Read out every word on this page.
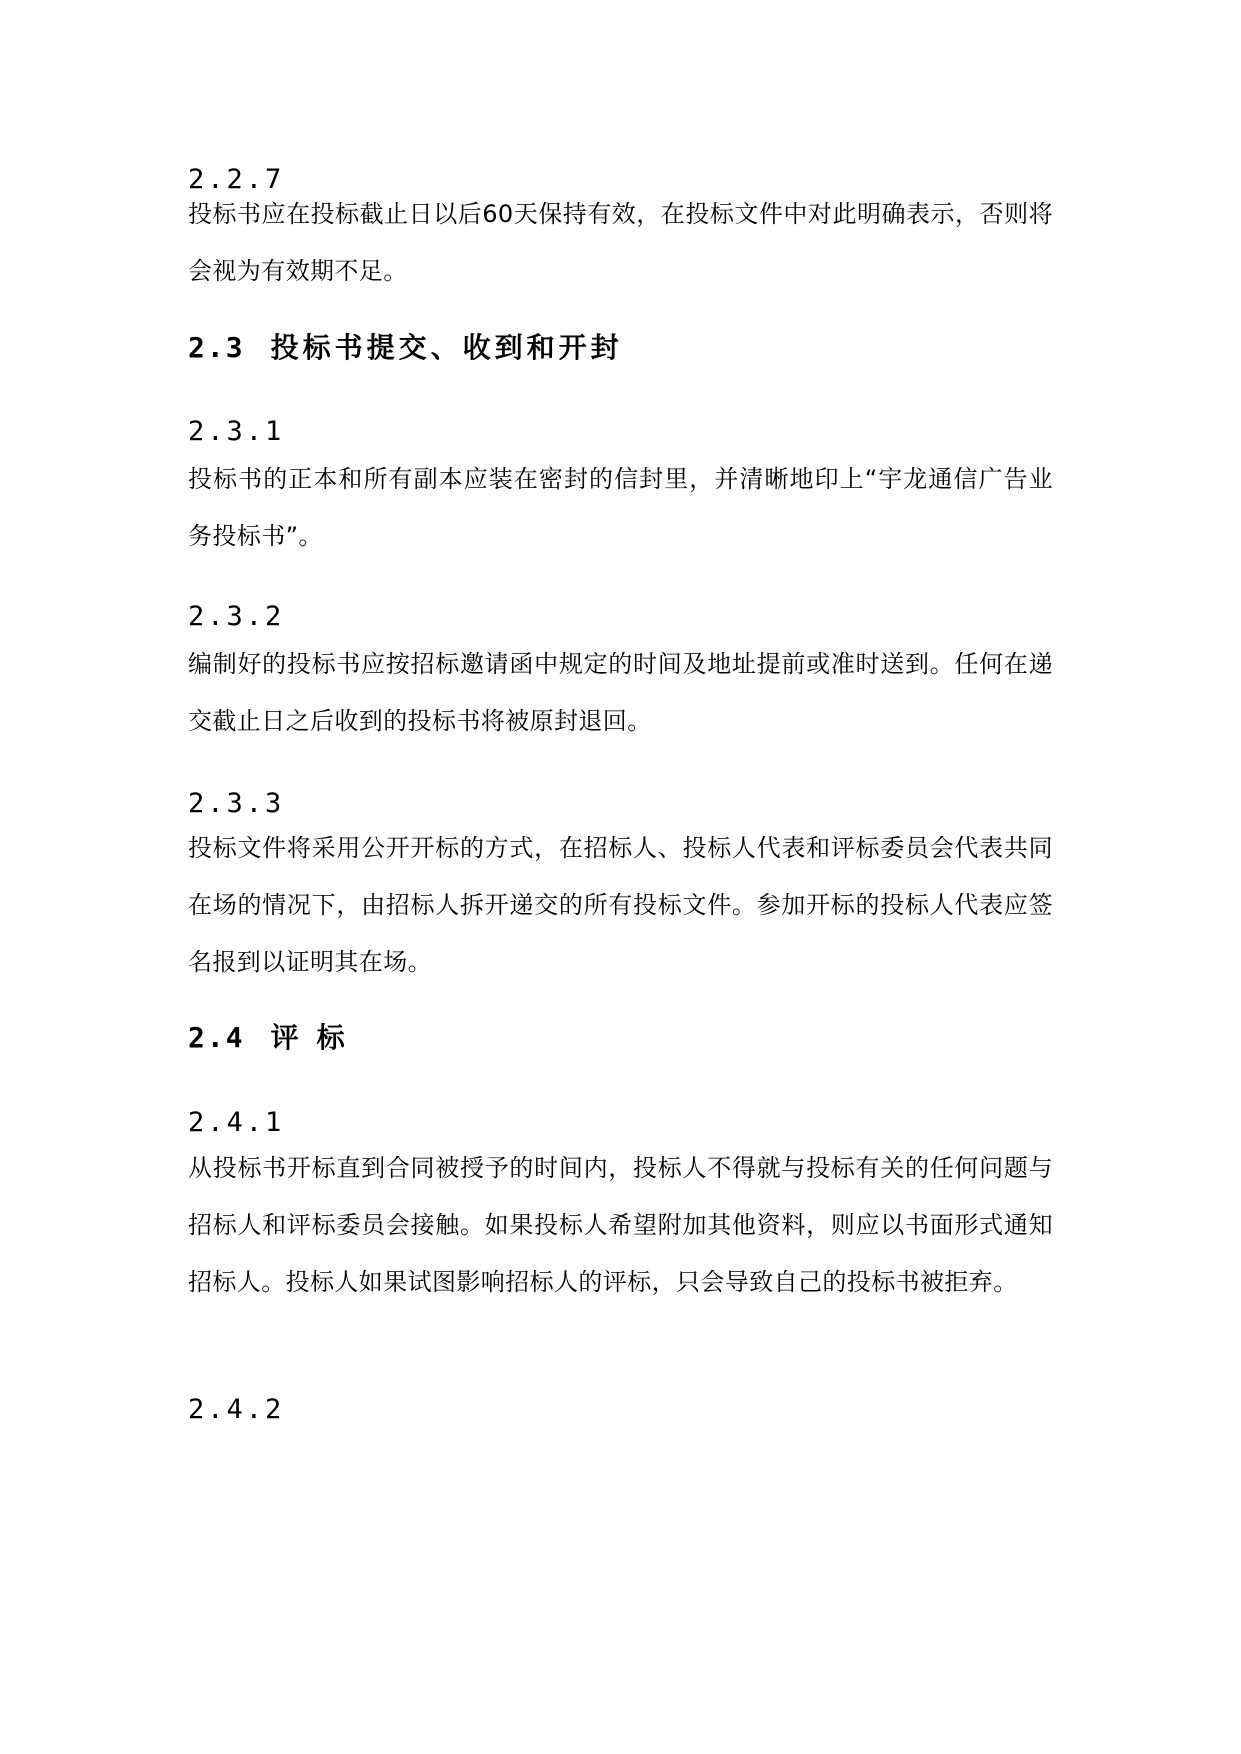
2.2.7
投标书应在投标截止日以后60天保持有效，在投标文件中对此明确表示，否则将会视为有效期不足。
2.3 投标书提交、收到和开封
2.3.1
投标书的正本和所有副本应装在密封的信封里，并清晰地印上“宇龙通信广告业务投标书”。
2.3.2
编制好的投标书应按招标邀请函中规定的时间及地址提前或准时送到。任何在递交截止日之后收到的投标书将被原封退回。
2.3.3
投标文件将采用公开开标的方式，在招标人、投标人代表和评标委员会代表共同在场的情况下，由招标人拆开递交的所有投标文件。参加开标的投标人代表应签名报到以证明其在场。
2.4 评标
2.4.1
从投标书开标直到合同被授予的时间内，投标人不得就与投标有关的任何问题与招标人和评标委员会接触。如果投标人希望附加其他资料，则应以书面形式通知招标人。投标人如果试图影响招标人的评标，只会导致自己的投标书被拒弃。
2.4.2
